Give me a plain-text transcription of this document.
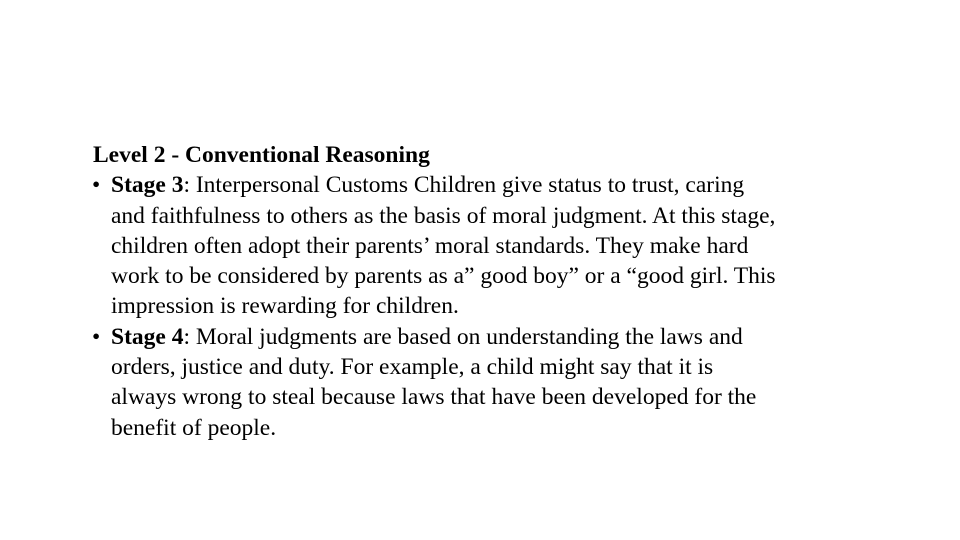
Level 2 - Conventional Reasoning

• Stage 3: Interpersonal Customs Children give status to trust, caring
and faithfulness to others as the basis of moral judgment. At this stage,
children often adopt their parents’ moral standards. They make hard
work to be considered by parents as a” good boy” or a “good girl. This
impression is rewarding for children.
• Stage 4: Moral judgments are based on understanding the laws and
orders, justice and duty. For example, a child might say that it is
always wrong to steal because laws that have been developed for the
benefit of people.
